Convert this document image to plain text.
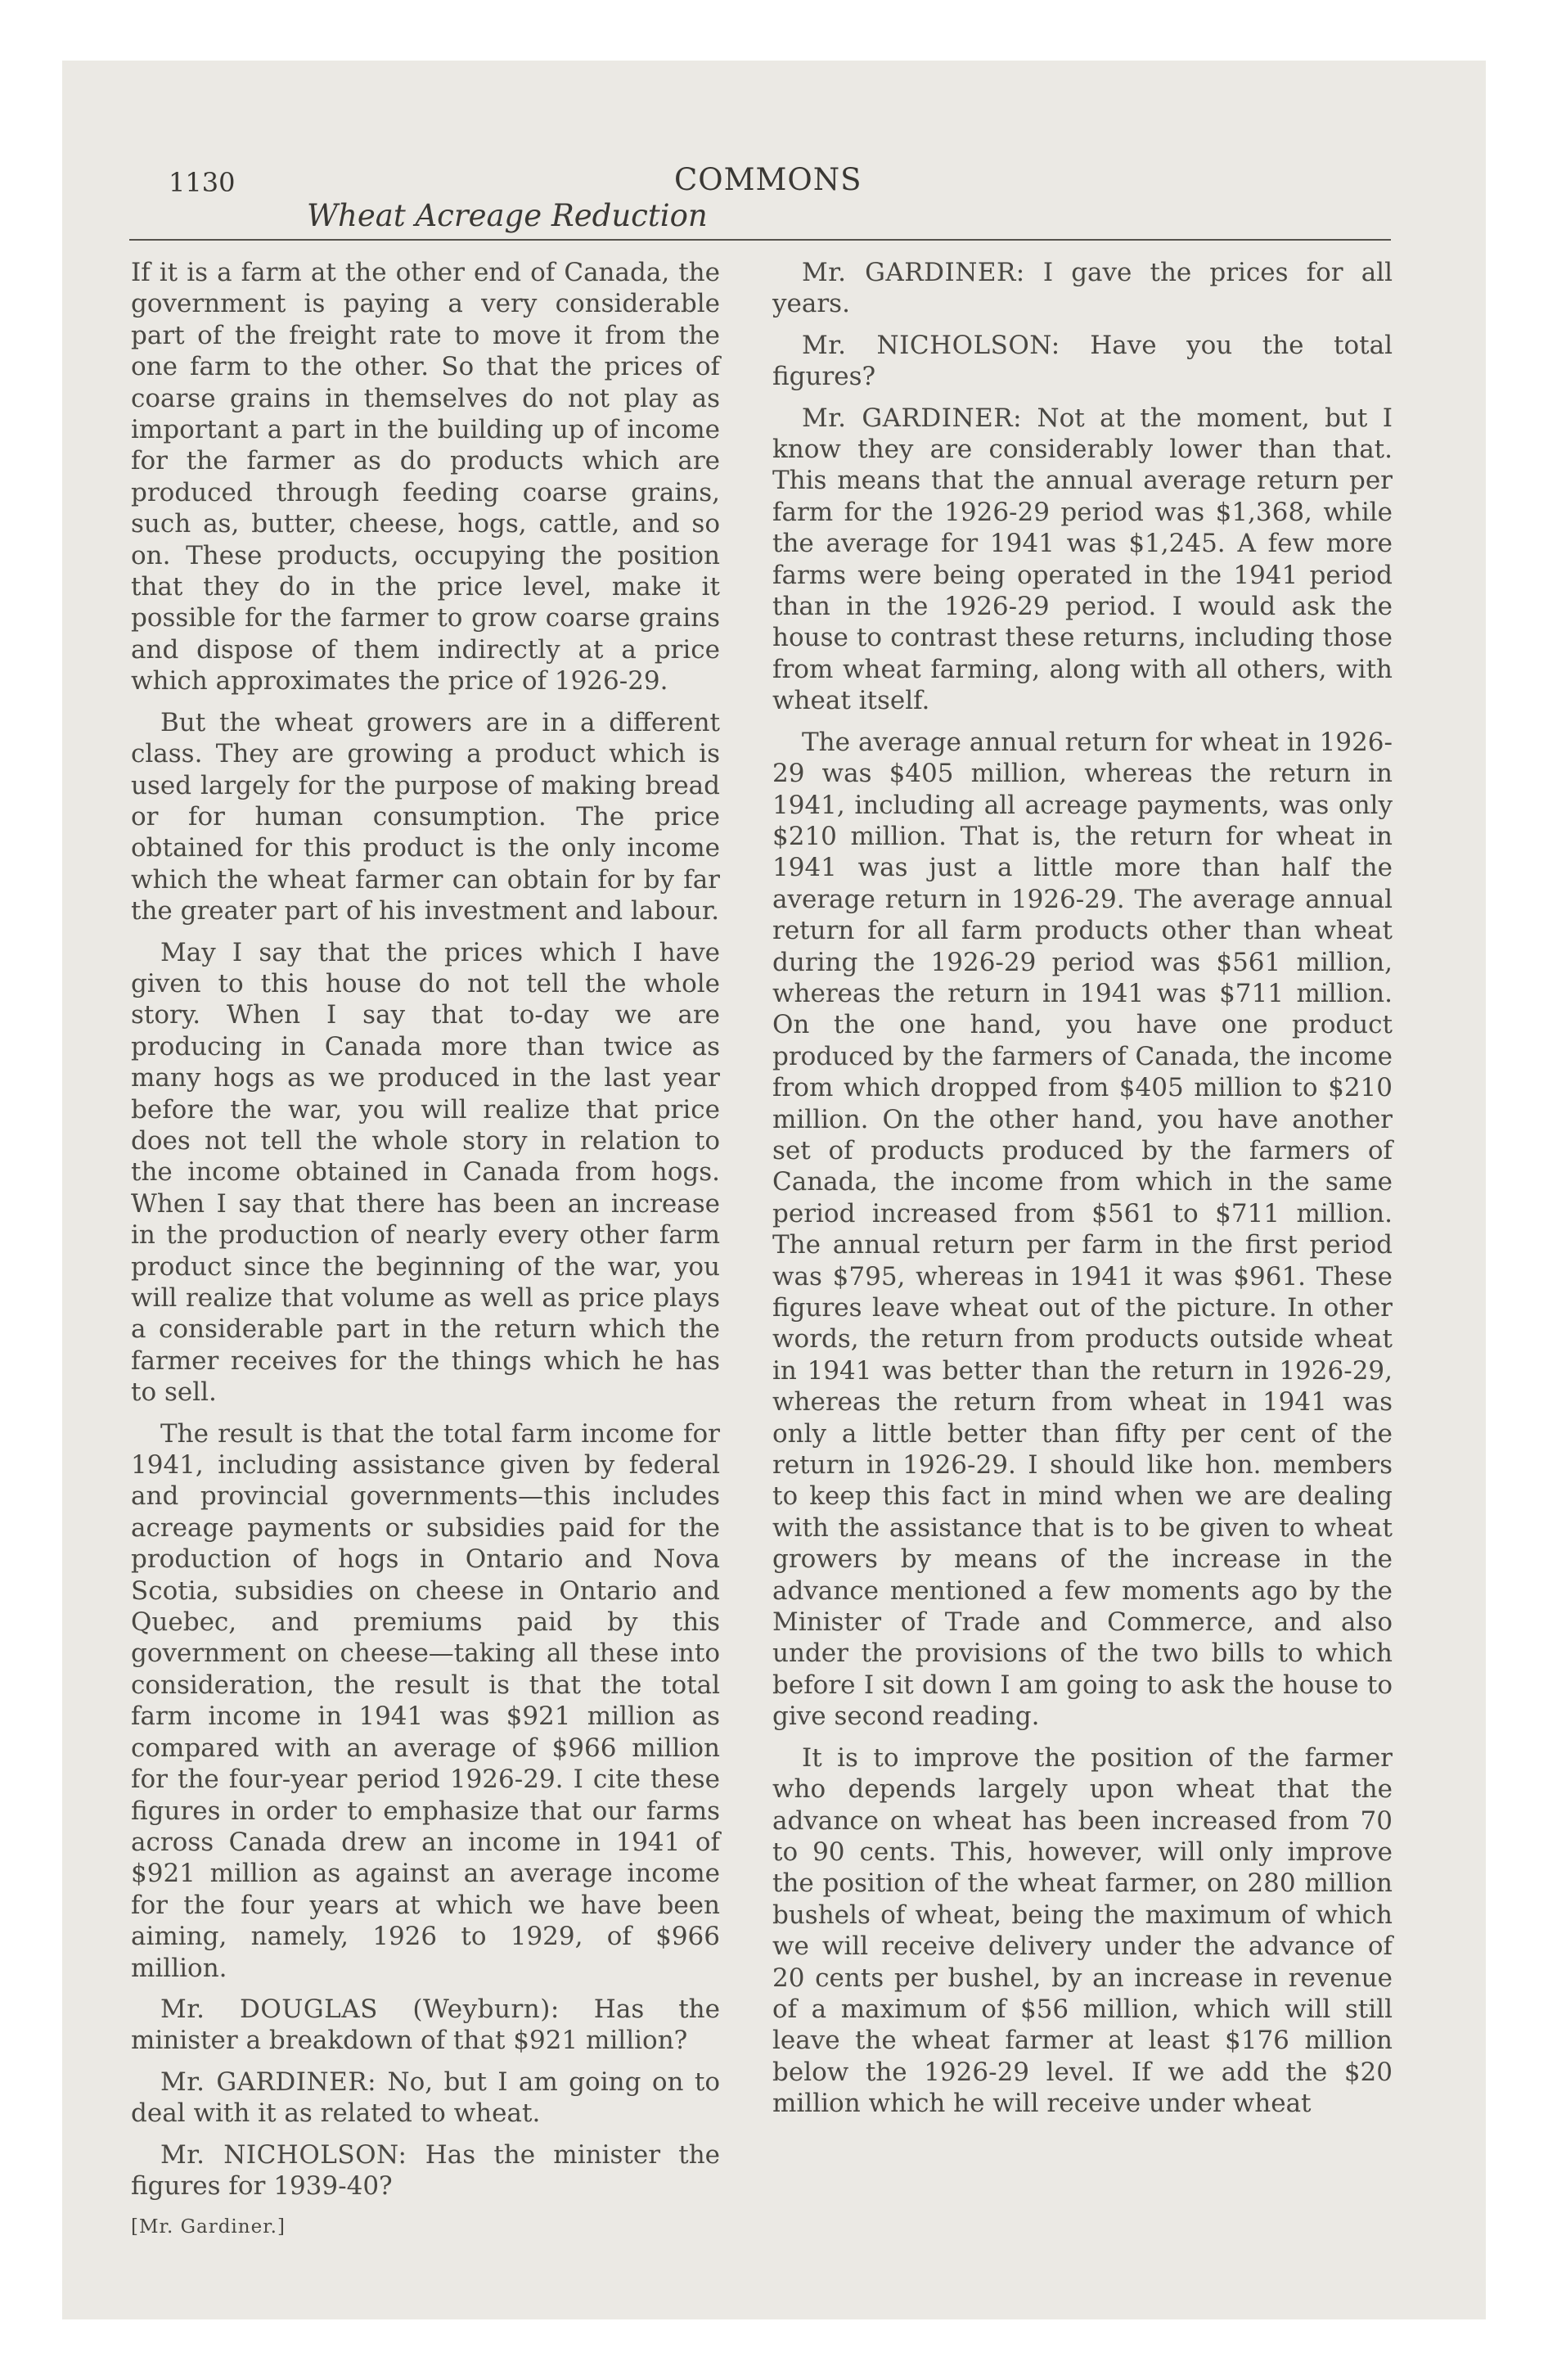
1130
Wheat Acreage Reduction
COMMONS

If it is a farm at the other end of Canada, the government is paying a very considerable part of the freight rate to move it from the one farm to the other. So that the prices of coarse grains in themselves do not play as important a part in the building up of income for the farmer as do products which are produced through feeding coarse grains, such as, butter, cheese, hogs, cattle, and so on. These products, occupying the position that they do in the price level, make it possible for the farmer to grow coarse grains and dispose of them indirectly at a price which approximates the price of 1926-29.

But the wheat growers are in a different class. They are growing a product which is used largely for the purpose of making bread or for human consumption. The price obtained for this product is the only income which the wheat farmer can obtain for by far the greater part of his investment and labour.

May I say that the prices which I have given to this house do not tell the whole story. When I say that to-day we are producing in Canada more than twice as many hogs as we produced in the last year before the war, you will realize that price does not tell the whole story in relation to the income obtained in Canada from hogs. When I say that there has been an increase in the production of nearly every other farm product since the beginning of the war, you will realize that volume as well as price plays a considerable part in the return which the farmer receives for the things which he has to sell.

The result is that the total farm income for 1941, including assistance given by federal and provincial governments—this includes acreage payments or subsidies paid for the production of hogs in Ontario and Nova Scotia, subsidies on cheese in Ontario and Quebec, and premiums paid by this government on cheese—taking all these into consideration, the result is that the total farm income in 1941 was $921 million as compared with an average of $966 million for the four-year period 1926-29. I cite these figures in order to emphasize that our farms across Canada drew an income in 1941 of $921 million as against an average income for the four years at which we have been aiming, namely, 1926 to 1929, of $966 million.

Mr. DOUGLAS (Weyburn): Has the minister a breakdown of that $921 million?

Mr. GARDINER: No, but I am going on to deal with it as related to wheat.

Mr. NICHOLSON: Has the minister the figures for 1939-40?

[Mr. Gardiner.]

Mr. GARDINER: I gave the prices for all years.

Mr. NICHOLSON: Have you the total figures?

Mr. GARDINER: Not at the moment, but I know they are considerably lower than that. This means that the annual average return per farm for the 1926-29 period was $1,368, while the average for 1941 was $1,245. A few more farms were being operated in the 1941 period than in the 1926-29 period. I would ask the house to contrast these returns, including those from wheat farming, along with all others, with wheat itself.

The average annual return for wheat in 1926-29 was $405 million, whereas the return in 1941, including all acreage payments, was only $210 million. That is, the return for wheat in 1941 was just a little more than half the average return in 1926-29. The average annual return for all farm products other than wheat during the 1926-29 period was $561 million, whereas the return in 1941 was $711 million. On the one hand, you have one product produced by the farmers of Canada, the income from which dropped from $405 million to $210 million. On the other hand, you have another set of products produced by the farmers of Canada, the income from which in the same period increased from $561 to $711 million. The annual return per farm in the first period was $795, whereas in 1941 it was $961. These figures leave wheat out of the picture. In other words, the return from products outside wheat in 1941 was better than the return in 1926-29, whereas the return from wheat in 1941 was only a little better than fifty per cent of the return in 1926-29. I should like hon. members to keep this fact in mind when we are dealing with the assistance that is to be given to wheat growers by means of the increase in the advance mentioned a few moments ago by the Minister of Trade and Commerce, and also under the provisions of the two bills to which before I sit down I am going to ask the house to give second reading.

It is to improve the position of the farmer who depends largely upon wheat that the advance on wheat has been increased from 70 to 90 cents. This, however, will only improve the position of the wheat farmer, on 280 million bushels of wheat, being the maximum of which we will receive delivery under the advance of 20 cents per bushel, by an increase in revenue of a maximum of $56 million, which will still leave the wheat farmer at least $176 million below the 1926-29 level. If we add the $20 million which he will receive under wheat
